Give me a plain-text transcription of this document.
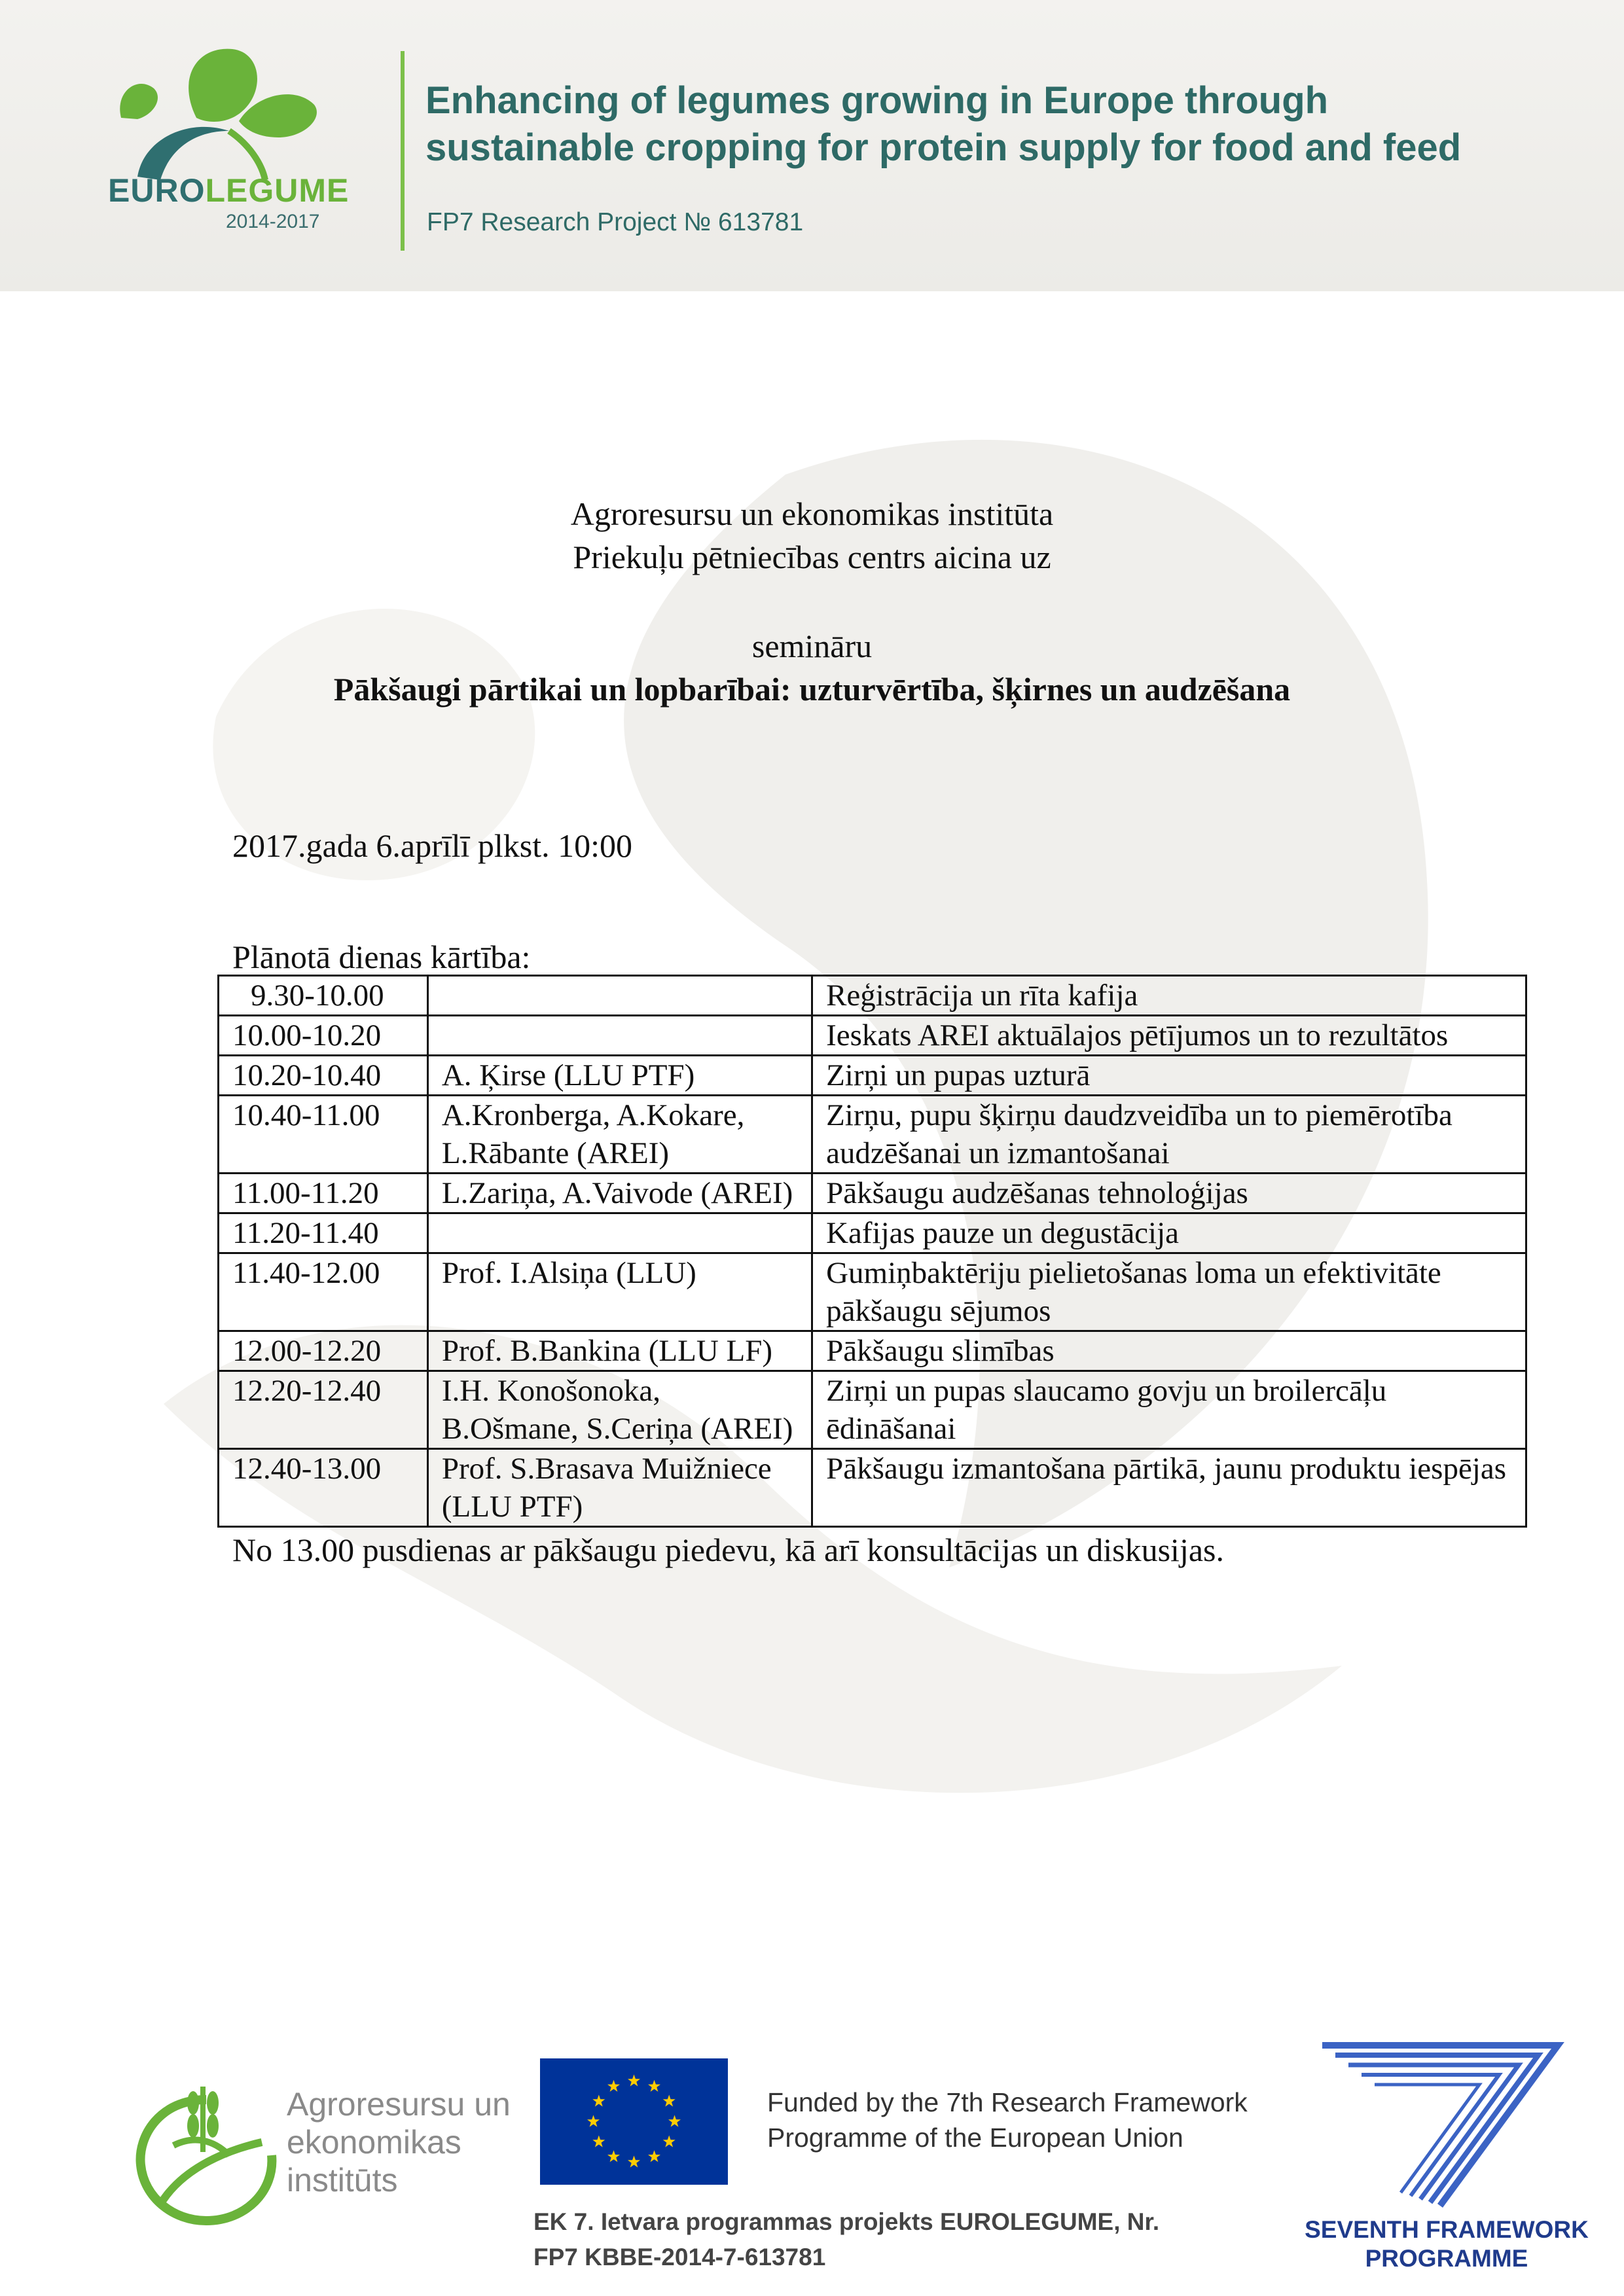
EUROLEGUME
2014-2017
Enhancing of legumes growing in Europe through
sustainable cropping for protein supply for food and feed
FP7 Research Project № 613781
Agroresursu un ekonomikas institūta
Priekuļu pētniecības centrs aicina uz
semināru
Pākšaugi pārtikai un lopbarībai: uzturvērtība, šķirnes un audzēšana
2017.gada 6.aprīlī plkst. 10:00
Plānotā dienas kārtība:
9.30-10.00		Reģistrācija un rīta kafija
10.00-10.20		Ieskats AREI aktuālajos pētījumos un to rezultātos
10.20-10.40	A. Ķirse (LLU PTF)	Zirņi un pupas uzturā
10.40-11.00	A.Kronberga, A.Kokare, L.Rābante (AREI)	Zirņu, pupu šķirņu daudzveidība un to piemērotība audzēšanai un izmantošanai
11.00-11.20	L.Zariņa, A.Vaivode (AREI)	Pākšaugu audzēšanas tehnoloģijas
11.20-11.40		Kafijas pauze un degustācija
11.40-12.00	Prof. I.Alsiņa (LLU)	Gumiņbaktēriju pielietošanas loma un efektivitāte pākšaugu sējumos
12.00-12.20	Prof. B.Bankina (LLU LF)	Pākšaugu slimības
12.20-12.40	I.H. Konošonoka, B.Ošmane, S.Ceriņa (AREI)	Zirņi un pupas slaucamo govju un broilercāļu ēdināšanai
12.40-13.00	Prof. S.Brasava Muižniece (LLU PTF)	Pākšaugu izmantošana pārtikā, jaunu produktu iespējas
No 13.00 pusdienas ar pākšaugu piedevu, kā arī konsultācijas un diskusijas.
Agroresursu un
ekonomikas
institūts
Funded by the 7th Research Framework
Programme of the European Union
EK 7. Ietvara programmas projekts EUROLEGUME, Nr.
FP7 KBBE-2014-7-613781
SEVENTH FRAMEWORK
PROGRAMME
